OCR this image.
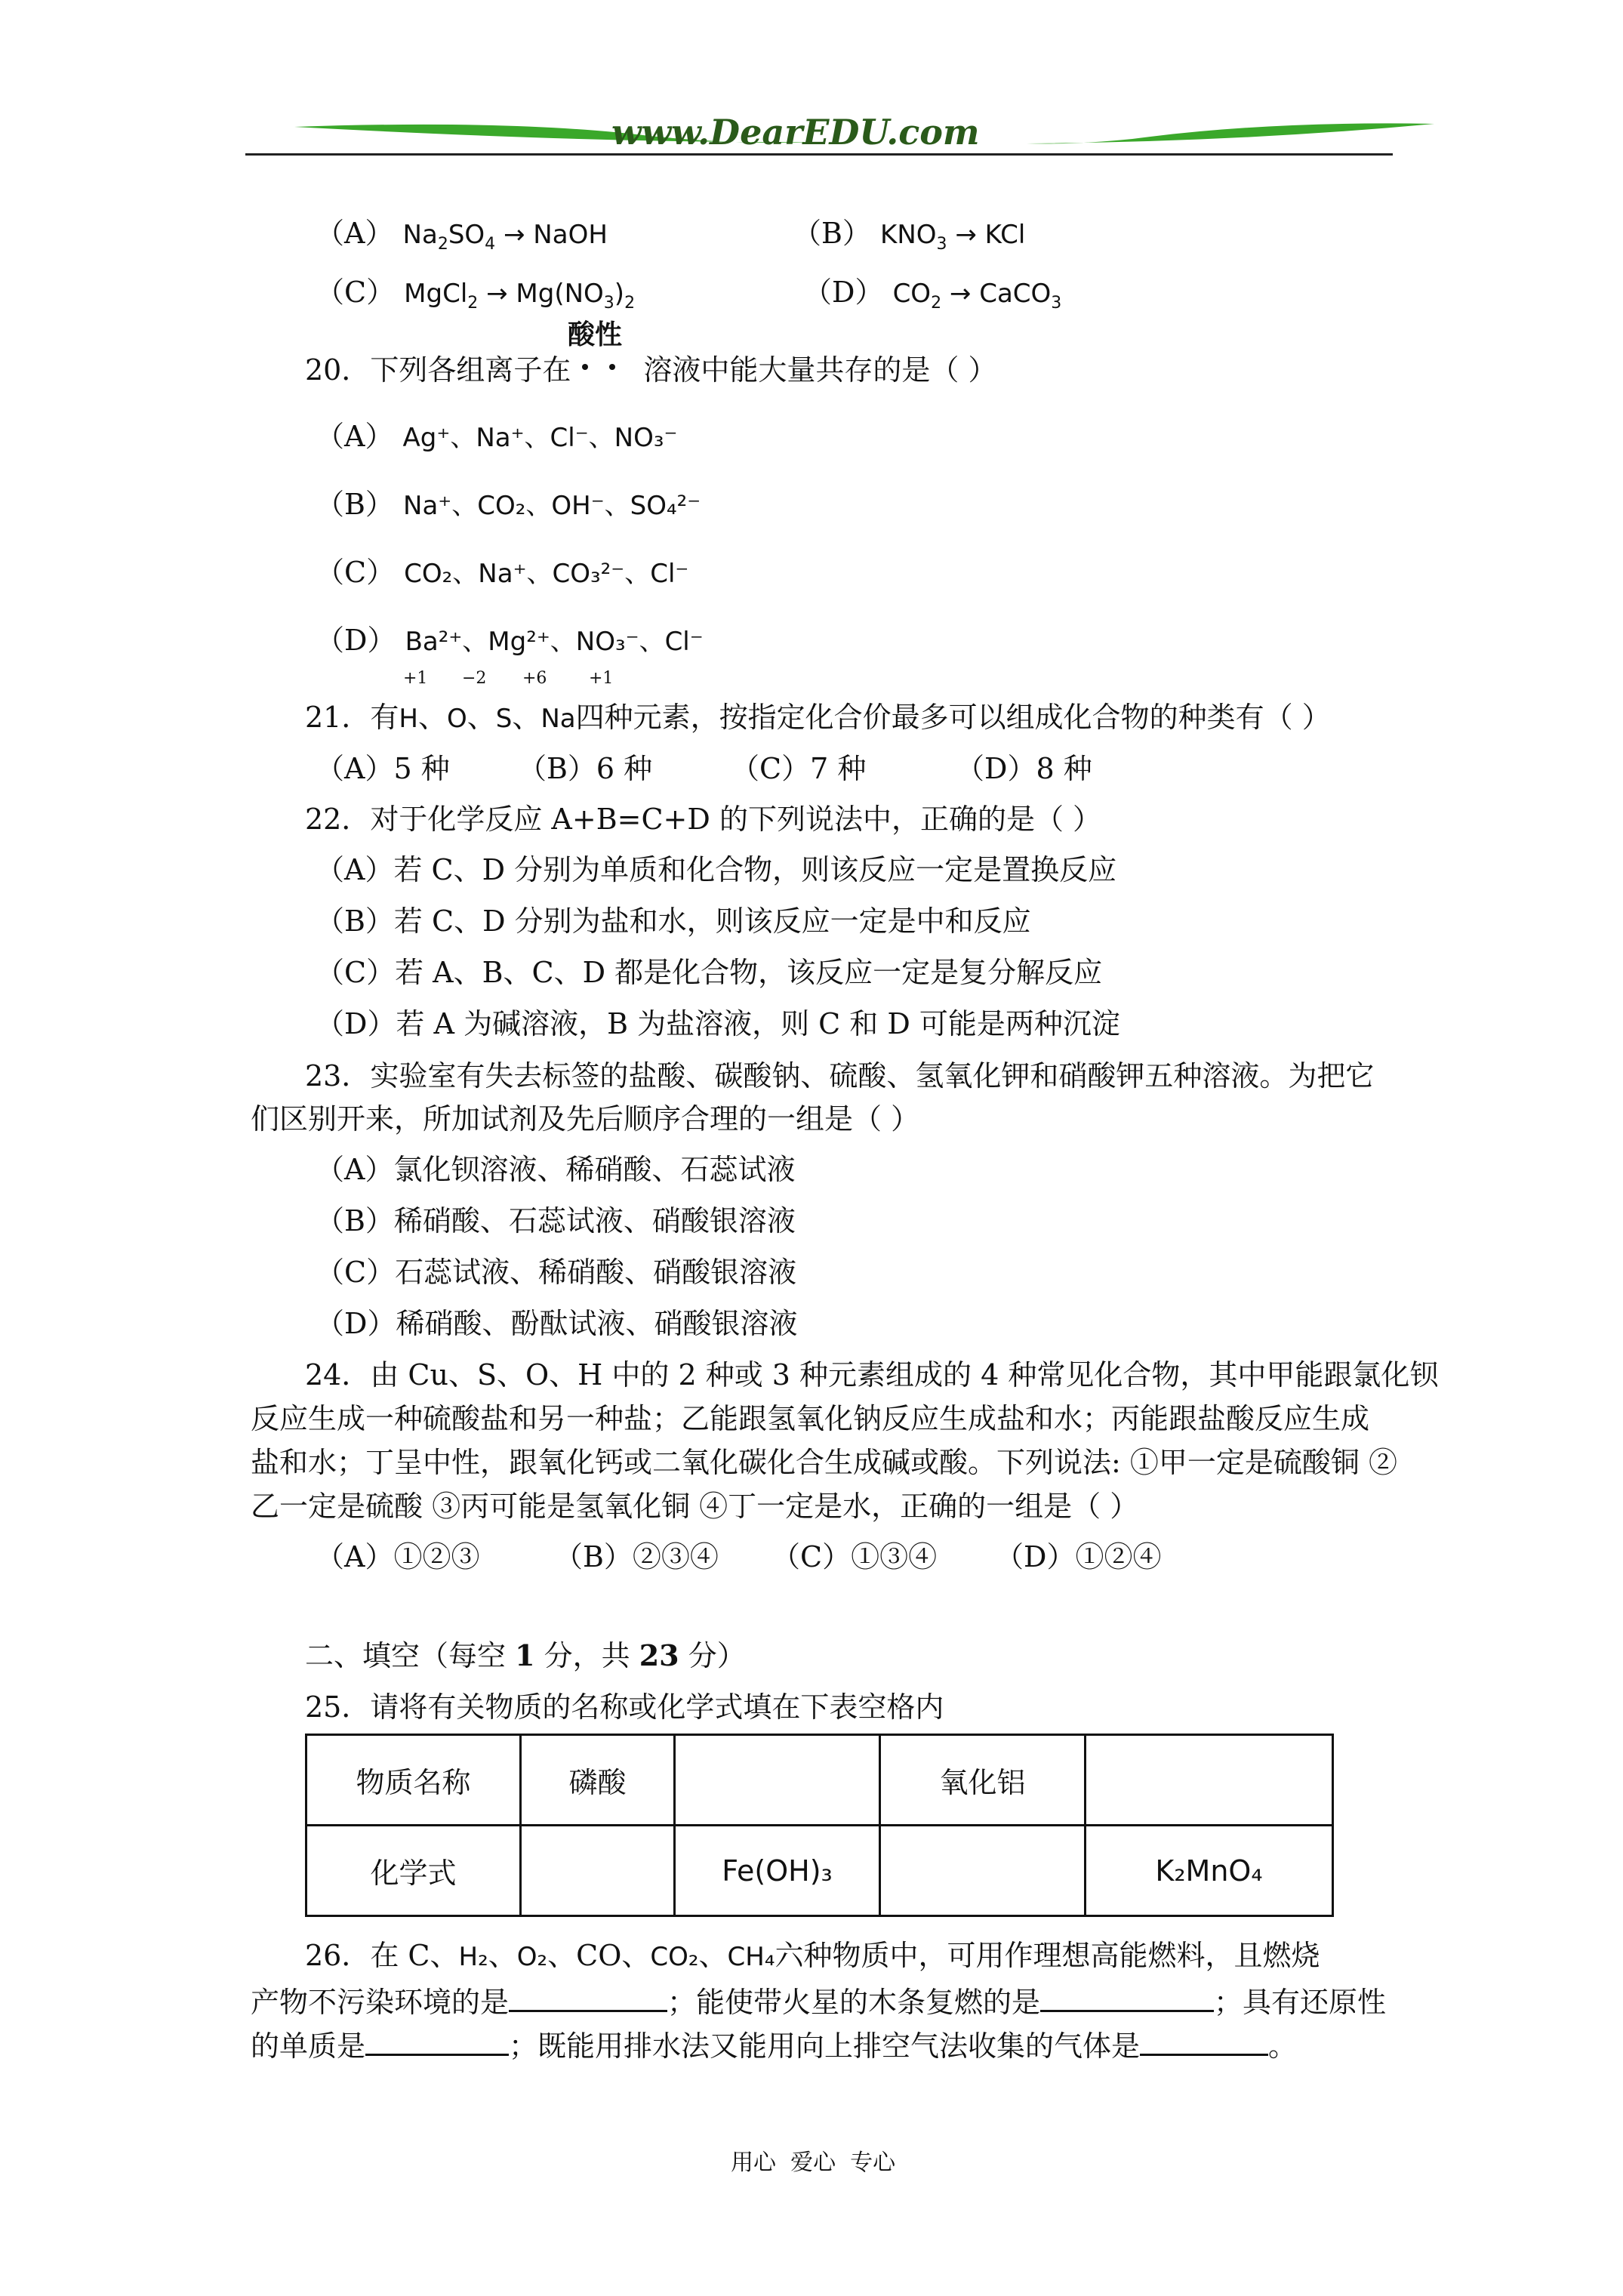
www.DearEDU.com
（A） $Na_2SO_4$ → NaOH	（B） $KNO_3$ → KCl
（C） MgCl$_2$ → $Mg(NO_3)_2$	（D） $CO_2$ → CaCO$_3$
酸性
20．下列各组离子在	溶液中能大量共存的是（ ）
（A） Ag⁺、Na⁺、Cl⁻、NO₃⁻
（B） Na⁺、CO₂、OH⁻、SO₄²⁻
（C） CO₂、Na⁺、CO₃²⁻、Cl⁻
（D） Ba²⁺、Mg²⁺、NO₃⁻、Cl⁻
+1 −2 +6	+1
21．有H、O、S、Na四种元素，按指定化合价最多可以组成化合物的种类有（ ）
（A）5 种 （B）6 种	（C）7 种	（D）8 种
22．对于化学反应 A+B=C+D 的下列说法中，正确的是（ ）
（A）若 C、D 分别为单质和化合物，则该反应一定是置换反应
（B）若 C、D 分别为盐和水，则该反应一定是中和反应
（C）若 A、B、C、D 都是化合物，该反应一定是复分解反应
（D）若 A 为碱溶液，B 为盐溶液，则 C 和 D 可能是两种沉淀
23．实验室有失去标签的盐酸、碳酸钠、硫酸、氢氧化钾和硝酸钾五种溶液。为把它
们区别开来，所加试剂及先后顺序合理的一组是（ ）
（A）氯化钡溶液、稀硝酸、石蕊试液
（B）稀硝酸、石蕊试液、硝酸银溶液
（C）石蕊试液、稀硝酸、硝酸银溶液
（D）稀硝酸、酚酞试液、硝酸银溶液
24．由 Cu、S、O、H 中的 2 种或 3 种元素组成的 4 种常见化合物，其中甲能跟氯化钡
反应生成一种硫酸盐和另一种盐；乙能跟氢氧化钠反应生成盐和水；丙能跟盐酸反应生成
盐和水；丁呈中性，跟氧化钙或二氧化碳化合生成碱或酸。下列说法: ①甲一定是硫酸铜 ②
乙一定是硫酸 ③丙可能是氢氧化铜 ④丁一定是水，正确的一组是（ ）
（A）①②③	（B）②③④ （C）①③④ （D）①②④
二、填空（每空 1 分，共 23 分）
25．请将有关物质的名称或化学式填在下表空格内
物质名称	磷酸		氧化铝	
化学式		Fe(OH)₃		K₂MnO₄
26．在 C、H₂、O₂、CO、CO₂、CH₄六种物质中，可用作理想高能燃料，且燃烧
产物不污染环境的是	；能使带火星的木条复燃的是	；具有还原性
的单质是	；既能用排水法又能用向上排空气法收集的气体是	。
用心  爱心  专心
